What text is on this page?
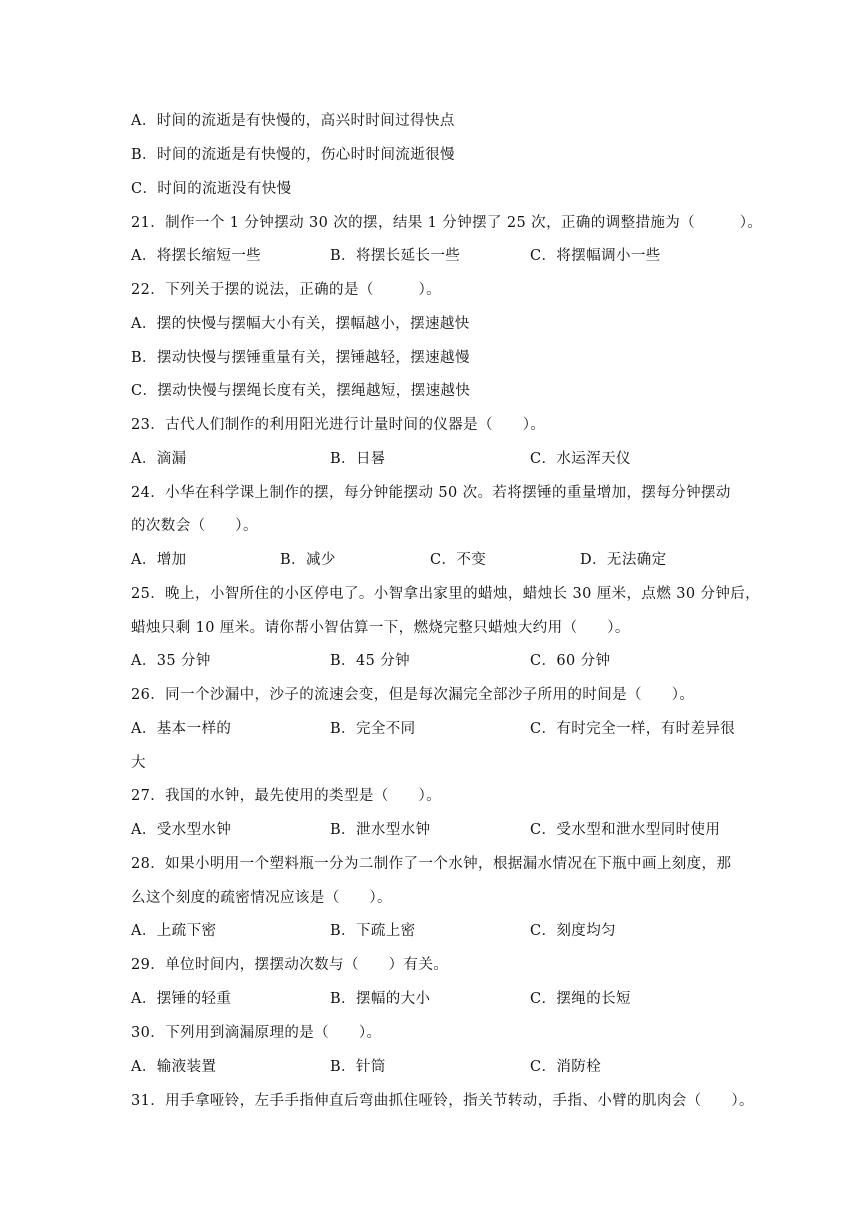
A．时间的流逝是有快慢的，高兴时时间过得快点
B．时间的流逝是有快慢的，伤心时时间流逝很慢
C．时间的流逝没有快慢
21．制作一个 1 分钟摆动 30 次的摆，结果 1 分钟摆了 25 次，正确的调整措施为（　　　）。
A．将摆长缩短一些	B．将摆长延长一些	C．将摆幅调小一些
22．下列关于摆的说法，正确的是（　　　）。
A．摆的快慢与摆幅大小有关，摆幅越小，摆速越快
B．摆动快慢与摆锤重量有关，摆锤越轻，摆速越慢
C．摆动快慢与摆绳长度有关，摆绳越短，摆速越快
23．古代人们制作的利用阳光进行计量时间的仪器是（　　）。
A．滴漏	B．日晷	C．水运浑天仪
24．小华在科学课上制作的摆，每分钟能摆动 50 次。若将摆锤的重量增加，摆每分钟摆动
的次数会（　　）。
A．增加	B．减少	C．不变	D．无法确定
25．晚上，小智所住的小区停电了。小智拿出家里的蜡烛，蜡烛长 30 厘米，点燃 30 分钟后，
蜡烛只剩 10 厘米。请你帮小智估算一下，燃烧完整只蜡烛大约用（　　）。
A．35 分钟	B．45 分钟	C．60 分钟
26．同一个沙漏中，沙子的流速会变，但是每次漏完全部沙子所用的时间是（　　）。
A．基本一样的	B．完全不同	C．有时完全一样，有时差异很
大
27．我国的水钟，最先使用的类型是（　　）。
A．受水型水钟	B．泄水型水钟	C．受水型和泄水型同时使用
28．如果小明用一个塑料瓶一分为二制作了一个水钟，根据漏水情况在下瓶中画上刻度，那
么这个刻度的疏密情况应该是（　　）。
A．上疏下密	B．下疏上密	C．刻度均匀
29．单位时间内，摆摆动次数与（　　）有关。
A．摆锤的轻重	B．摆幅的大小	C．摆绳的长短
30．下列用到滴漏原理的是（　　）。
A．输液装置	B．针筒	C．消防栓
31．用手拿哑铃，左手手指伸直后弯曲抓住哑铃，指关节转动，手指、小臂的肌肉会（　　）。
